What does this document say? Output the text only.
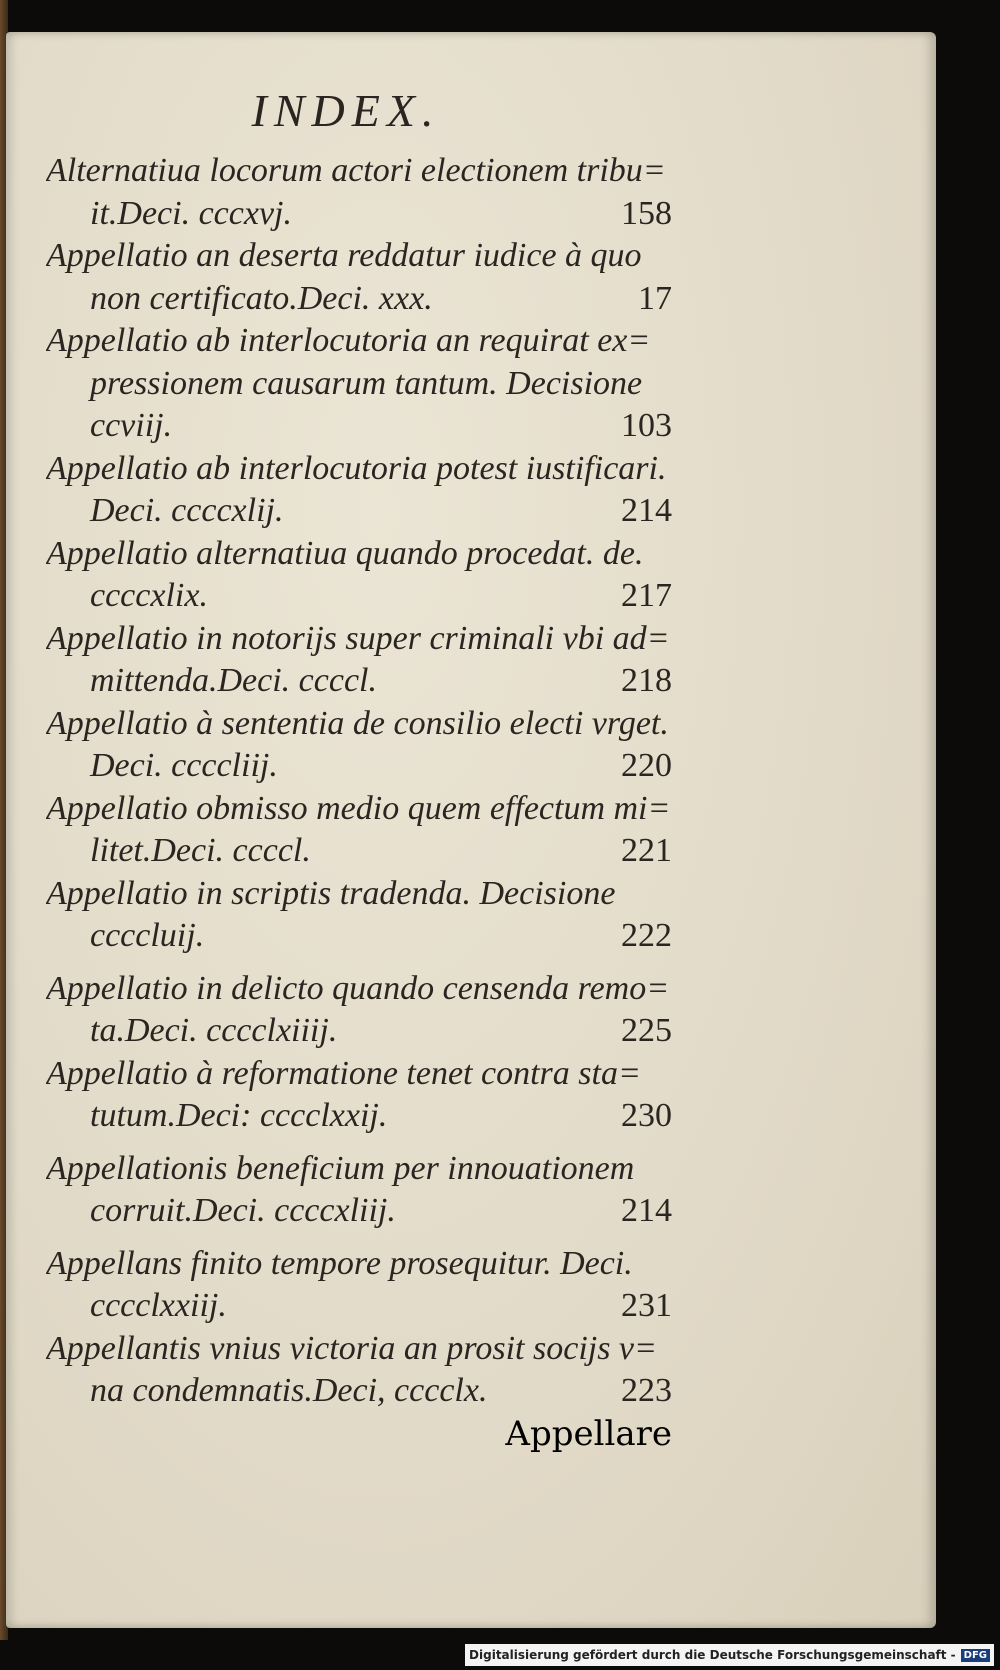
INDEX.
Alternatiua locorum actori electionem tribu=
it.Deci. cccxvj.	158
Appellatio an deserta reddatur iudice à quo
non certificato.Deci. xxx.	17
Appellatio ab interlocutoria an requirat ex=
pressionem causarum tantum. Decisione
ccviij.	103
Appellatio ab interlocutoria potest iustificari.
Deci. ccccxlij.	214
Appellatio alternatiua quando procedat. de.
ccccxlix.	217
Appellatio in notorijs super criminali vbi ad=
mittenda.Deci. ccccl.	218
Appellatio à sententia de consilio electi vrget.
Deci. ccccliij.	220
Appellatio obmisso medio quem effectum mi=
litet.Deci. ccccl.	221
Appellatio in scriptis tradenda. Decisione
ccccluij.	222
Appellatio in delicto quando censenda remo=
ta.Deci. cccclxiiij.	225
Appellatio à reformatione tenet contra sta=
tutum.Deci: cccclxxij.	230
Appellationis beneficium per innouationem
corruit.Deci. ccccxliij.	214
Appellans finito tempore prosequitur. Deci.
cccclxxiij.	231
Appellantis vnius victoria an prosit socijs v=
na condemnatis.Deci, cccclx.	223
Appellare
Digitalisierung gefördert durch die Deutsche Forschungsgemeinschaft - DFG
